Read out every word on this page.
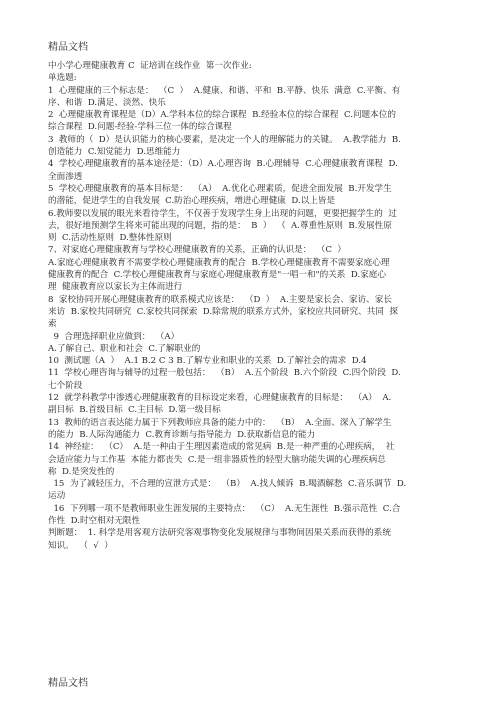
精品文档
中小学心理健康教育 C  证培训在线作业  第一次作业:
单选题:
1  心理健康的三个标志是：  （C  ）  A.健康、和谐、平和  B.平静、快乐  满意  C.平衡、有
序、和谐  D.满足、淡然、快乐
2  心理健康教育课程是（D）A.学科本位的综合课程  B.经验本位的综合课程  C.问题本位的
综合课程  D.问题-经验-学科三位一体的综合课程
3  教师的（  D）是认识能力的核心要素，是决定一个人的理解能力的关键。  A.教学能力  B.
创造能力  C.知觉能力  D.思维能力
4  学校心理健康教育的基本途径是：（D）A.心理咨询  B.心理辅导  C.心理健康教育课程  D.
全面渗透
5  学校心理健康教育的基本目标是：  （A）  A.优化心理素质，促进全面发展  B.开发学生
的潜能，促进学生的自我发展  C.防治心理疾病，增进心理健康  D.以上皆是
6.教师要以发展的眼光来看待学生，不仅善于发现学生身上出现的问题，更要把握学生的  过
去，很好地预测学生将来可能出现的问题，指的是：  B  ）  （  A.尊重性原则  B.发展性原
则  C.活动性原则  D.整体性原则
7、对家庭心理健康教育与学校心理健康教育的关系，正确的认识是：  （C  ）
A.家庭心理健康教育不需要学校心理健康教育的配合  B.学校心理健康教育不需要家庭心理
健康教育的配合  C.学校心理健康教育与家庭心理健康教育是"一唱一和"的关系  D.家庭心
理  健康教育应以家长为主体而进行
8  家校协同开展心理健康教育的联系模式应该是：  （D  ）  A.主要是家长会、家访、家长
来访  B.家校共同研究  C.家校共同探索  D.除常规的联系方式外，家校应共同研究、共同  探
索
9  合理选择职业应做到：  （A）
A.了解自己、职业和社会  C.了解职业的
10  测试题（A  ）  A.1 B.2 C 3 B.了解专业和职业的关系  D.了解社会的需求  D.4
11  学校心理咨询与辅导的过程一般包括：  （B）  A.五个阶段  B.六个阶段  C.四个阶段  D.
七个阶段
12  就学科教学中渗透心理健康教育的目标设定来看，心理健康教育的目标是：  （A）  A.
副目标  B.首级目标  C.主目标  D.第一级目标
13  教师的语言表达能力属于下列教师应具备的能力中的：  （B）  A.全面、深入了解学生
的能力  B.人际沟通能力  C.教育诊断与指导能力  D.获取新信息的能力
14  神经症：  （C）  A.是一种由于生理因素造成的常见病  B.是一种严重的心理疾病，  社
会适应能力与工作基  本能力都丧失  C.是一组非器质性的轻型大脑功能失调的心理疾病总
称  D.是突发性的
15  为了减轻压力，不合理的宣泄方式是：  （B）  A.找人倾诉  B.喝酒解愁  C.音乐调节  D.
运动
16  下列哪一项不是教师职业生涯发展的主要特点：  （C）  A.无生涯性  B.强示范性  C.合
作性  D.时空相对无限性
判断题：  1. 科学是用客观方法研究客观事物变化发展规律与事物间因果关系而获得的系统
知识。  （  √  ）
精品文档
